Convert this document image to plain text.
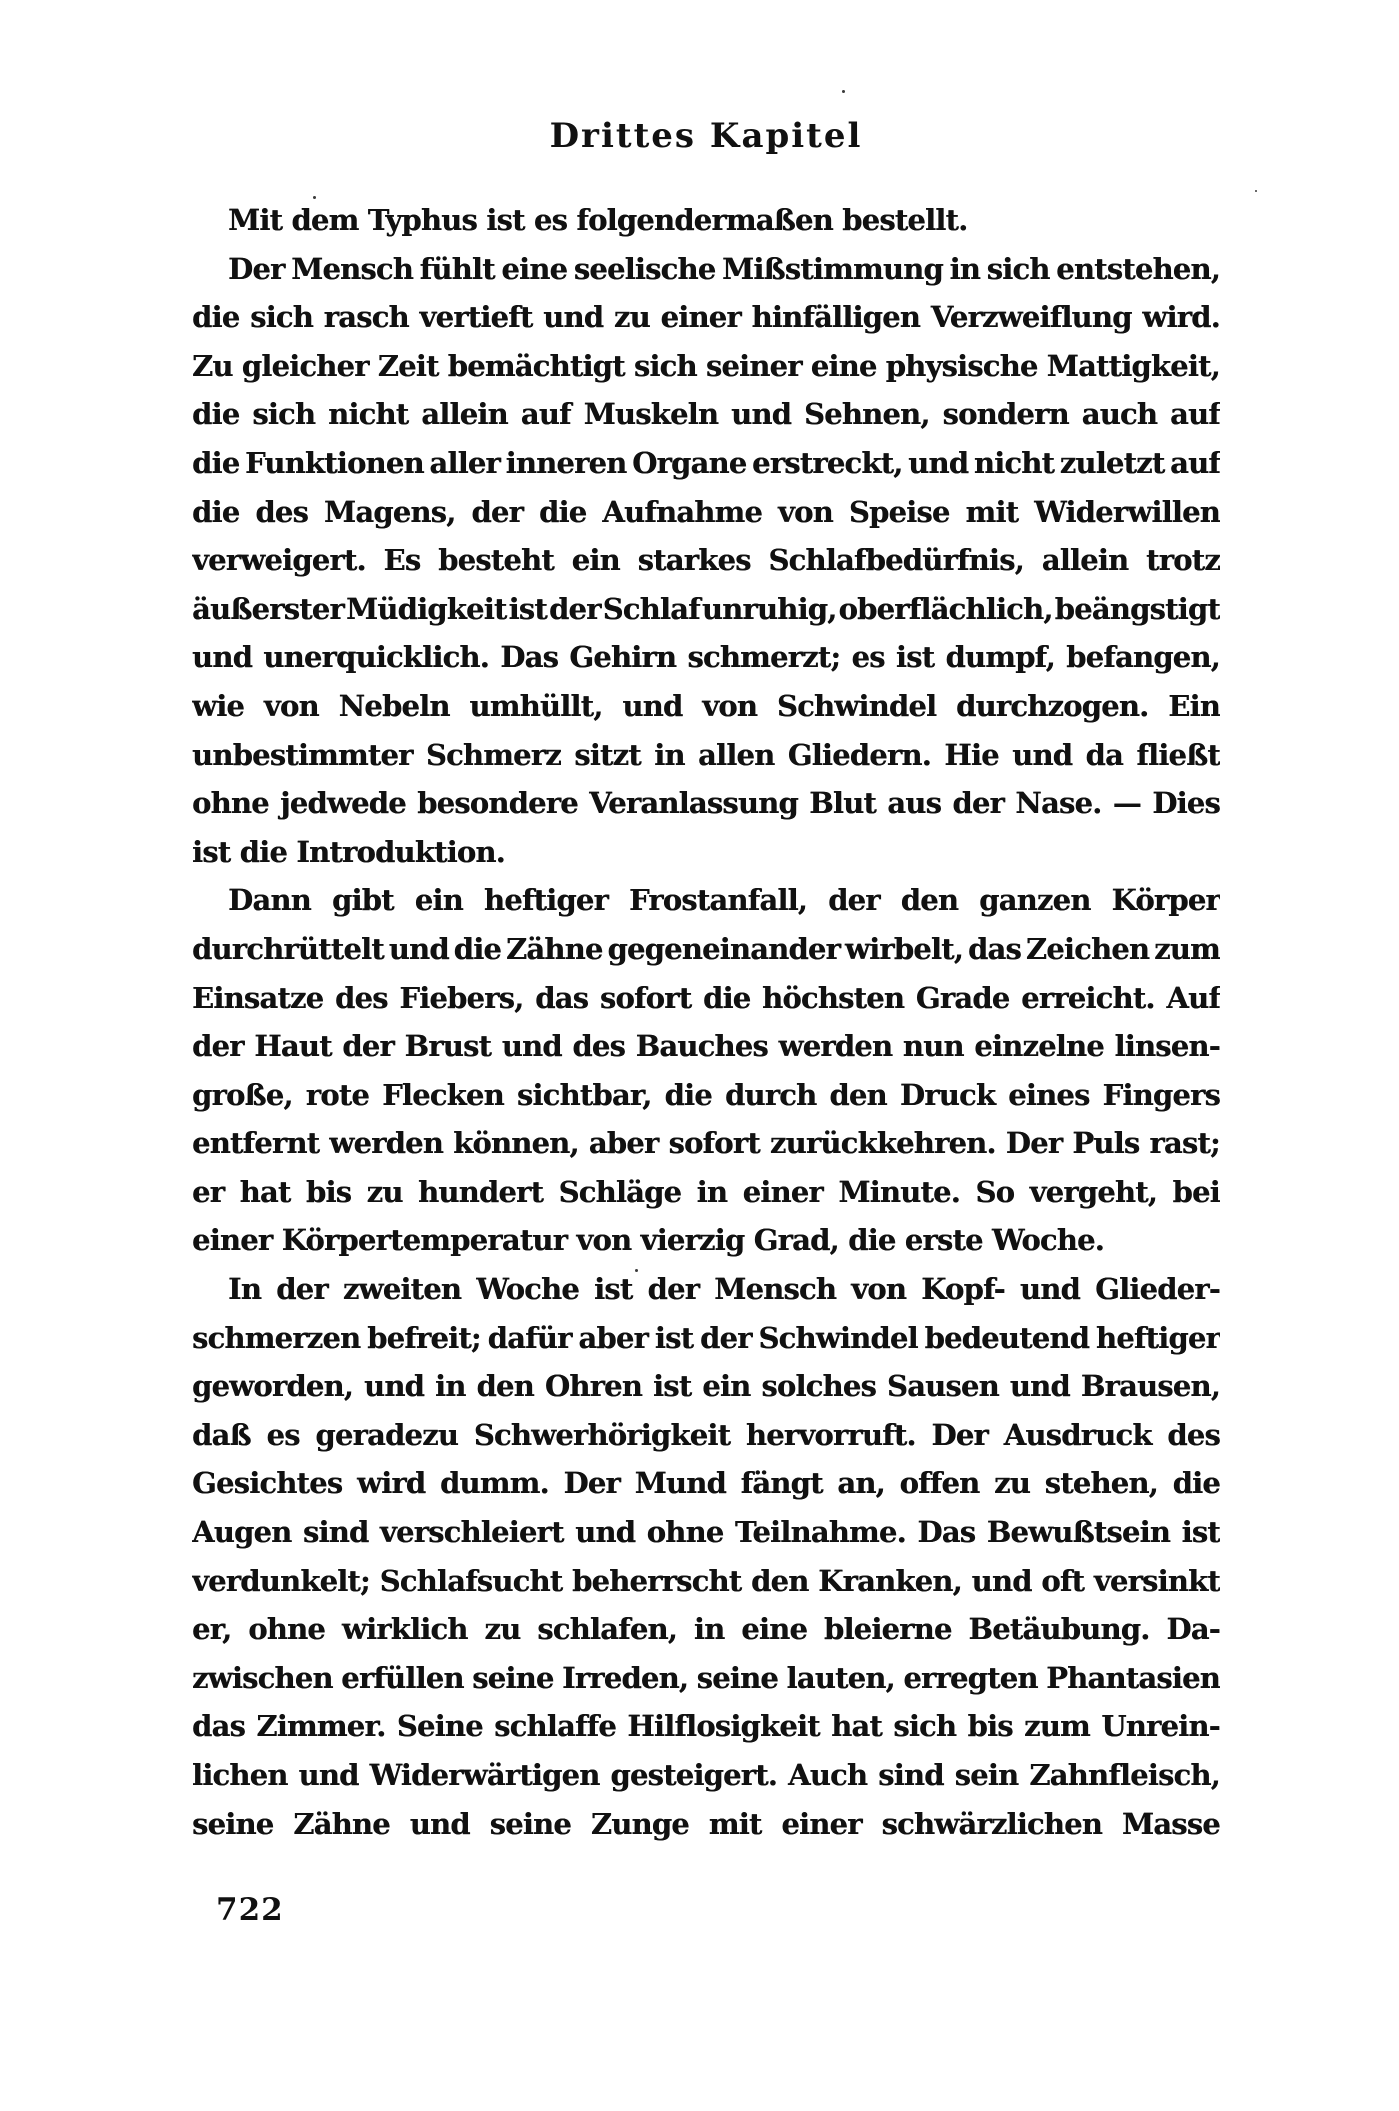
Drittes Kapitel
Mit dem Typhus ist es folgendermaßen bestellt.
Der Mensch fühlt eine seelische Mißstimmung in sich entstehen,
die sich rasch vertieft und zu einer hinfälligen Verzweiflung wird.
Zu gleicher Zeit bemächtigt sich seiner eine physische Mattigkeit,
die sich nicht allein auf Muskeln und Sehnen, sondern auch auf
die Funktionen aller inneren Organe erstreckt, und nicht zuletzt auf
die des Magens, der die Aufnahme von Speise mit Widerwillen
verweigert. Es besteht ein starkes Schlafbedürfnis, allein trotz
äußerster Müdigkeit ist der Schlaf unruhig, oberflächlich, beängstigt
und unerquicklich. Das Gehirn schmerzt; es ist dumpf, befangen,
wie von Nebeln umhüllt, und von Schwindel durchzogen. Ein
unbestimmter Schmerz sitzt in allen Gliedern. Hie und da fließt
ohne jedwede besondere Veranlassung Blut aus der Nase. — Dies
ist die Introduktion.
Dann gibt ein heftiger Frostanfall, der den ganzen Körper
durchrüttelt und die Zähne gegeneinander wirbelt, das Zeichen zum
Einsatze des Fiebers, das sofort die höchsten Grade erreicht. Auf
der Haut der Brust und des Bauches werden nun einzelne linsen-
große, rote Flecken sichtbar, die durch den Druck eines Fingers
entfernt werden können, aber sofort zurückkehren. Der Puls rast;
er hat bis zu hundert Schläge in einer Minute. So vergeht, bei
einer Körpertemperatur von vierzig Grad, die erste Woche.
In der zweiten Woche ist der Mensch von Kopf- und Glieder-
schmerzen befreit; dafür aber ist der Schwindel bedeutend heftiger
geworden, und in den Ohren ist ein solches Sausen und Brausen,
daß es geradezu Schwerhörigkeit hervorruft. Der Ausdruck des
Gesichtes wird dumm. Der Mund fängt an, offen zu stehen, die
Augen sind verschleiert und ohne Teilnahme. Das Bewußtsein ist
verdunkelt; Schlafsucht beherrscht den Kranken, und oft versinkt
er, ohne wirklich zu schlafen, in eine bleierne Betäubung. Da-
zwischen erfüllen seine Irreden, seine lauten, erregten Phantasien
das Zimmer. Seine schlaffe Hilflosigkeit hat sich bis zum Unrein-
lichen und Widerwärtigen gesteigert. Auch sind sein Zahnfleisch,
seine Zähne und seine Zunge mit einer schwärzlichen Masse
722
